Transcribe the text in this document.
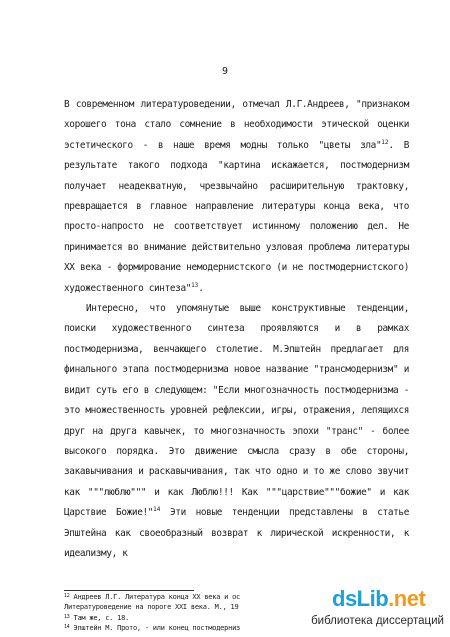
9

В современном литературоведении, отмечал Л.Г.Андреев, "признаком хорошего тона стало сомнение в необходимости этической оценки эстетического - в наше время модны только "цветы зла"$^{12}$. В результате такого подхода "картина искажается, постмодернизм получает неадекватную, чрезвычайно расширительную трактовку, превращается в главное направление литературы конца века, что просто-напросто не соответствует истинному положению дел. Не принимается во внимание действительно узловая проблема литературы XX века - формирование немодернистского (и не постмодернистского) художественного синтеза"$^{13}$.

Интересно, что упомянутые выше конструктивные тенденции, поиски художественного синтеза проявляются и в рамках постмодернизма, венчающего столетие. М.Эпштейн предлагает для финального этапа постмодернизма новое название "трансмодернизм" и видит суть его в следующем: "Если многозначность постмодернизма - это множественность уровней рефлексии, игры, отражения, лепящихся друг на друга кавычек, то многозначность эпохи "транс" - более высокого порядка. Это движение смысла сразу в обе стороны, закавычивания и раскавычивания, так что одно и то же слово звучит как """люблю""" и как Люблю!!! Как """царствие"""божие" и как Царствие Божие!"$^{14}$ Эти новые тенденции представлены в статье Эпштейна как своеобразный возврат к лирической искренности, к идеализму, к

$^{12}$ Андреев Л.Г. Литература конца XX века и ос
Литературоведение на пороге XXI века. М., 19
$^{13}$ Там же, с. 18.
$^{14}$ Эпштейн М. Прото, - или конец постмодерниз
dsLib.net
библиотека диссертаций
